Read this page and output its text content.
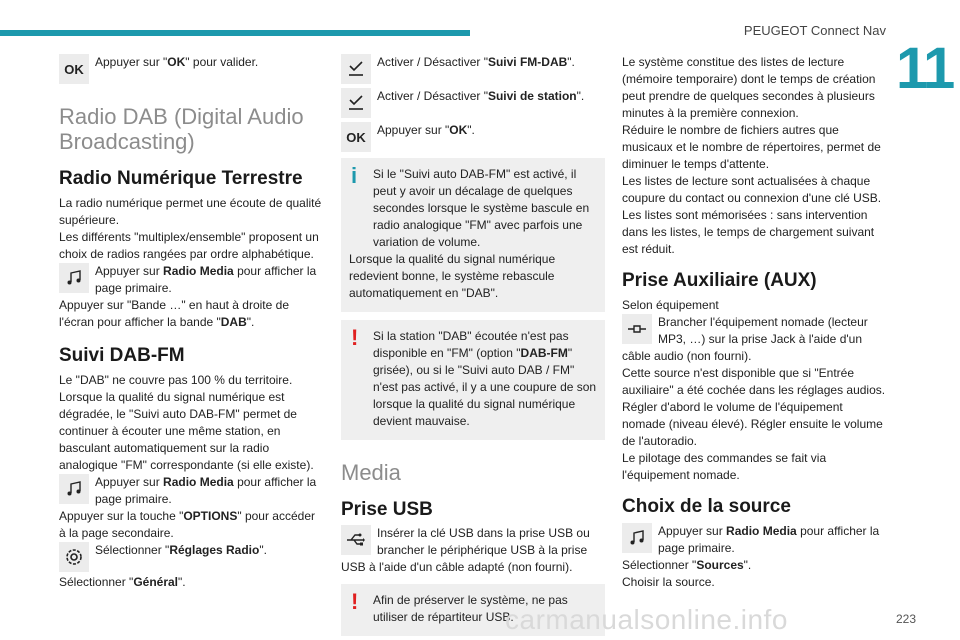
PEUGEOT Connect Nav
11
OK Appuyer sur "OK" pour valider.

Radio DAB (Digital Audio Broadcasting)
Radio Numérique Terrestre

La radio numérique permet une écoute de qualité supérieure.

Les différents "multiplex/ensemble" proposent un choix de radios rangées par ordre alphabétique.

Appuyer sur Radio Media pour afficher la page primaire.

Appuyer sur "Bande …" en haut à droite de l'écran pour afficher la bande "DAB".

Suivi DAB-FM

Le "DAB" ne couvre pas 100 % du territoire.

Lorsque la qualité du signal numérique est dégradée, le "Suivi auto DAB-FM" permet de continuer à écouter une même station, en basculant automatiquement sur la radio analogique "FM" correspondante (si elle existe).

Appuyer sur Radio Media pour afficher la page primaire.

Appuyer sur la touche "OPTIONS" pour accéder à la page secondaire.

Sélectionner "Réglages Radio".

Sélectionner "Général".

Activer / Désactiver "Suivi FM-DAB".

Activer / Désactiver "Suivi de station".

OK Appuyer sur "OK".

i	Si le "Suivi auto DAB-FM" est activé, il peut y avoir un décalage de quelques secondes lorsque le système bascule en radio analogique "FM" avec parfois une variation de volume.

Lorsque la qualité du signal numérique redevient bonne, le système rebascule automatiquement en "DAB".

!	Si la station "DAB" écoutée n'est pas disponible en "FM" (option "DAB-FM" grisée), ou si le "Suivi auto DAB / FM" n'est pas activé, il y a une coupure de son lorsque la qualité du signal numérique devient mauvaise.

Media
Prise USB

Insérer la clé USB dans la prise USB ou brancher le périphérique USB à la prise USB à l'aide d'un câble adapté (non fourni).

!	Afin de préserver le système, ne pas utiliser de répartiteur USB.

Le système constitue des listes de lecture (mémoire temporaire) dont le temps de création peut prendre de quelques secondes à plusieurs minutes à la première connexion.

Réduire le nombre de fichiers autres que musicaux et le nombre de répertoires, permet de diminuer le temps d'attente.

Les listes de lecture sont actualisées à chaque coupure du contact ou connexion d'une clé USB.

Les listes sont mémorisées : sans intervention dans les listes, le temps de chargement suivant est réduit.

Prise Auxiliaire (AUX)

Selon équipement

Brancher l'équipement nomade (lecteur MP3, …) sur la prise Jack à l'aide d'un câble audio (non fourni).

Cette source n'est disponible que si "Entrée auxiliaire" a été cochée dans les réglages audios.

Régler d'abord le volume de l'équipement nomade (niveau élevé). Régler ensuite le volume de l'autoradio.

Le pilotage des commandes se fait via l'équipement nomade.

Choix de la source

Appuyer sur Radio Media pour afficher la page primaire.

Sélectionner "Sources".

Choisir la source.

carmanualsonline.info	223
